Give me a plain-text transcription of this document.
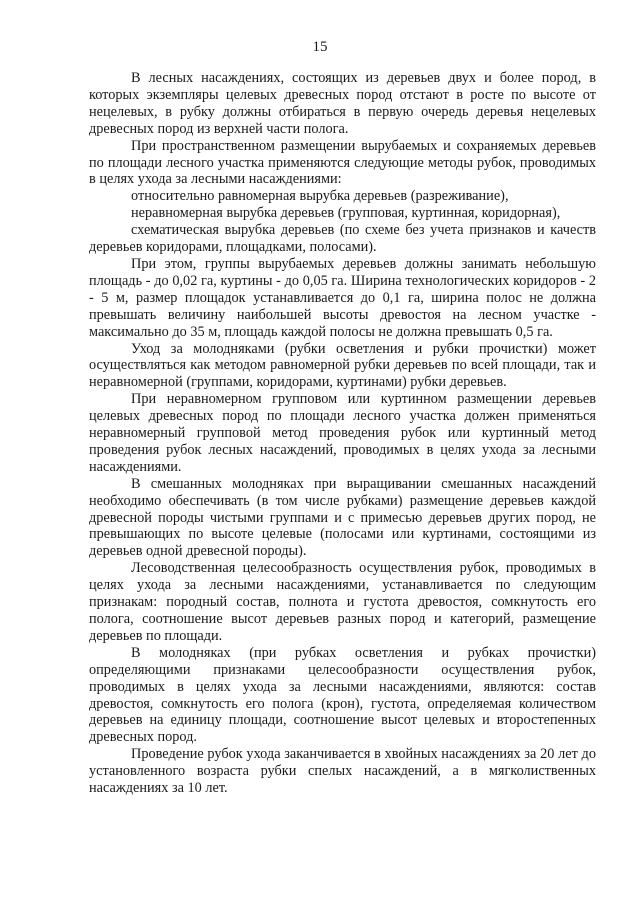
15

В лесных насаждениях, состоящих из деревьев двух и более пород, в которых экземпляры целевых древесных пород отстают в росте по высоте от нецелевых, в рубку должны отбираться в первую очередь деревья нецелевых древесных пород из верхней части полога.

При пространственном размещении вырубаемых и сохраняемых деревьев по площади лесного участка применяются следующие методы рубок, проводимых в целях ухода за лесными насаждениями:

относительно равномерная вырубка деревьев (разреживание),

неравномерная вырубка деревьев (групповая, куртинная, коридорная),

схематическая вырубка деревьев (по схеме без учета признаков и качеств деревьев коридорами, площадками, полосами).

При этом, группы вырубаемых деревьев должны занимать небольшую площадь - до 0,02 га, куртины - до 0,05 га. Ширина технологических коридоров - 2 - 5 м, размер площадок устанавливается до 0,1 га, ширина полос не должна превышать величину наибольшей высоты древостоя на лесном участке - максимально до 35 м, площадь каждой полосы не должна превышать 0,5 га.

Уход за молодняками (рубки осветления и рубки прочистки) может осуществляться как методом равномерной рубки деревьев по всей площади, так и неравномерной (группами, коридорами, куртинами) рубки деревьев.

При неравномерном групповом или куртинном размещении деревьев целевых древесных пород по площади лесного участка должен применяться неравномерный групповой метод проведения рубок или куртинный метод проведения рубок лесных насаждений, проводимых в целях ухода за лесными насаждениями.

В смешанных молодняках при выращивании смешанных насаждений необходимо обеспечивать (в том числе рубками) размещение деревьев каждой древесной породы чистыми группами и с примесью деревьев других пород, не превышающих по высоте целевые (полосами или куртинами, состоящими из деревьев одной древесной породы).

Лесоводственная целесообразность осуществления рубок, проводимых в целях ухода за лесными насаждениями, устанавливается по следующим признакам: породный состав, полнота и густота древостоя, сомкнутость его полога, соотношение высот деревьев разных пород и категорий, размещение деревьев по площади.

В молодняках (при рубках осветления и рубках прочистки) определяющими признаками целесообразности осуществления рубок, проводимых в целях ухода за лесными насаждениями, являются: состав древостоя, сомкнутость его полога (крон), густота, определяемая количеством деревьев на единицу площади, соотношение высот целевых и второстепенных древесных пород.

Проведение рубок ухода заканчивается в хвойных насаждениях за 20 лет до установленного возраста рубки спелых насаждений, а в мягколиственных насаждениях за 10 лет.
